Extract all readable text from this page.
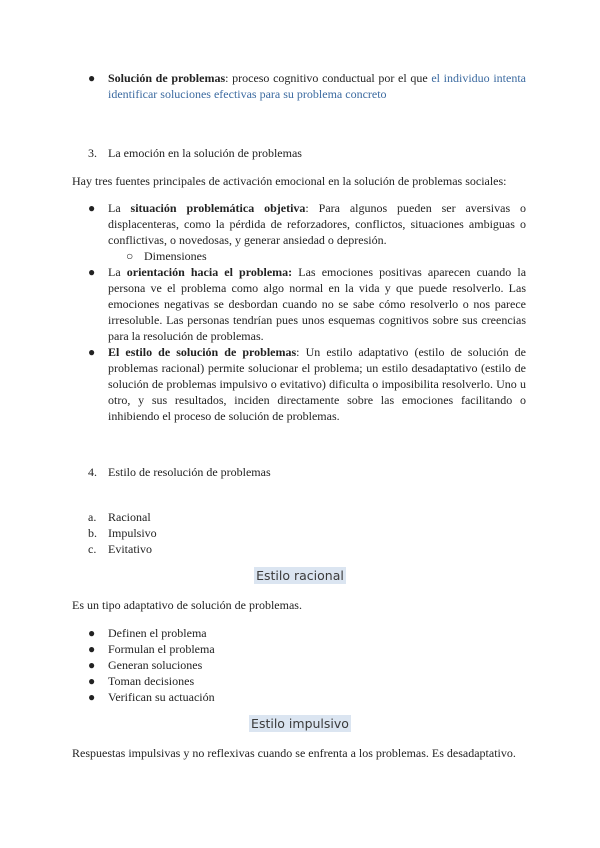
● Solución de problemas: proceso cognitivo conductual por el que el individuo intenta identificar soluciones efectivas para su problema concreto
3. La emoción en la solución de problemas
Hay tres fuentes principales de activación emocional en la solución de problemas sociales:
● La situación problemática objetiva: Para algunos pueden ser aversivas o displacenteras, como la pérdida de reforzadores, conflictos, situaciones ambiguas o conflictivas, o novedosas, y generar ansiedad o depresión.
○ Dimensiones
● La orientación hacia el problema: Las emociones positivas aparecen cuando la persona ve el problema como algo normal en la vida y que puede resolverlo. Las emociones negativas se desbordan cuando no se sabe cómo resolverlo o nos parece irresoluble. Las personas tendrían pues unos esquemas cognitivos sobre sus creencias para la resolución de problemas.
● El estilo de solución de problemas: Un estilo adaptativo (estilo de solución de problemas racional) permite solucionar el problema; un estilo desadaptativo (estilo de solución de problemas impulsivo o evitativo) dificulta o imposibilita resolverlo. Uno u otro, y sus resultados, inciden directamente sobre las emociones facilitando o inhibiendo el proceso de solución de problemas.
4. Estilo de resolución de problemas
a. Racional
b. Impulsivo
c. Evitativo
Estilo racional
Es un tipo adaptativo de solución de problemas.
● Definen el problema
● Formulan el problema
● Generan soluciones
● Toman decisiones
● Verifican su actuación
Estilo impulsivo
Respuestas impulsivas y no reflexivas cuando se enfrenta a los problemas. Es desadaptativo.
